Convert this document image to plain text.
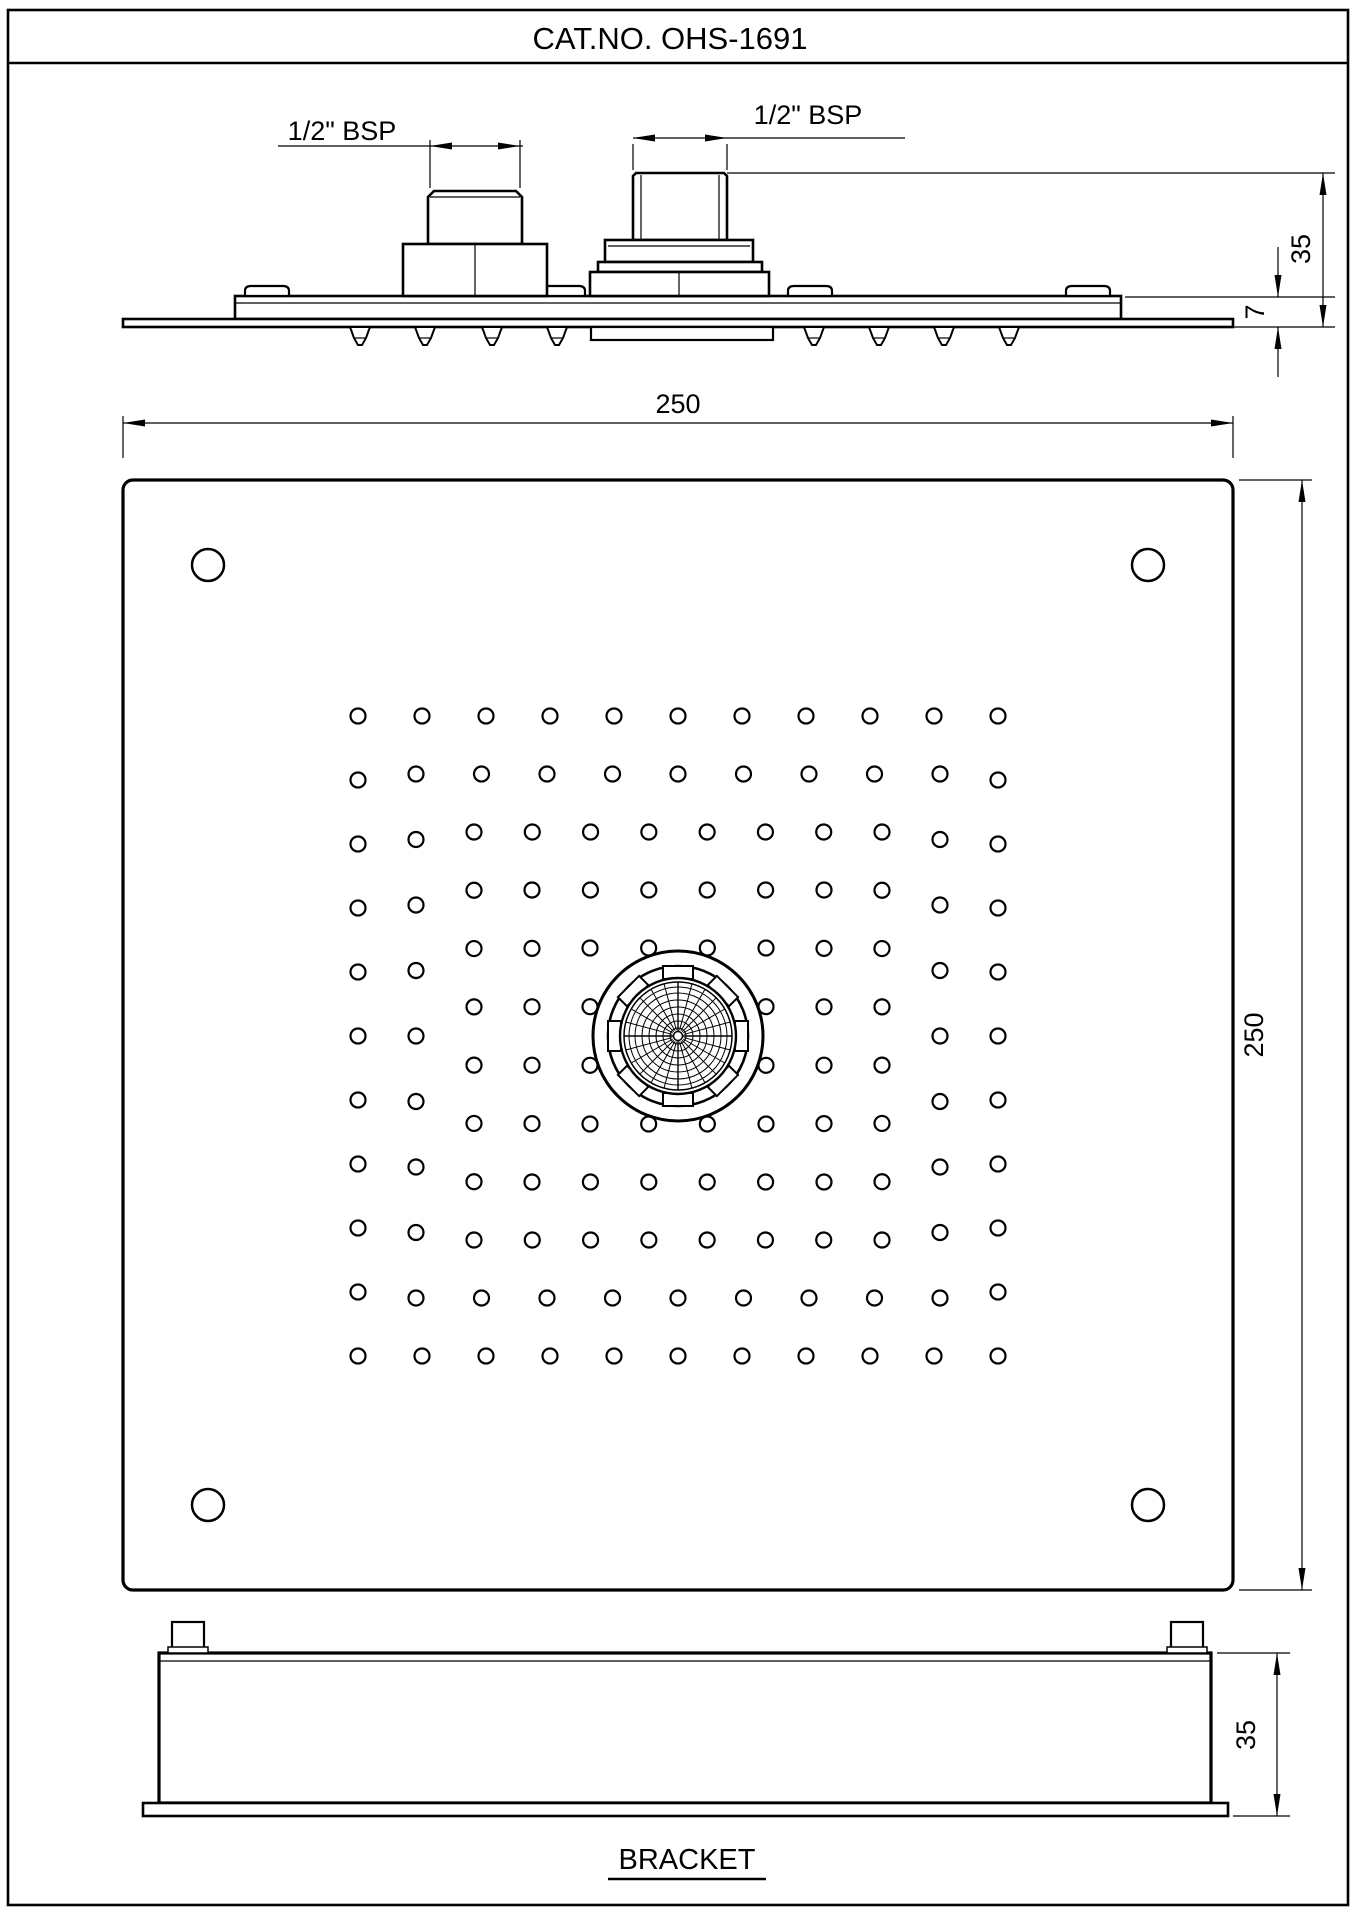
CAT.NO. OHS-1691
1/2" BSP
1/2" BSP
35
7
250
250
35
BRACKET
